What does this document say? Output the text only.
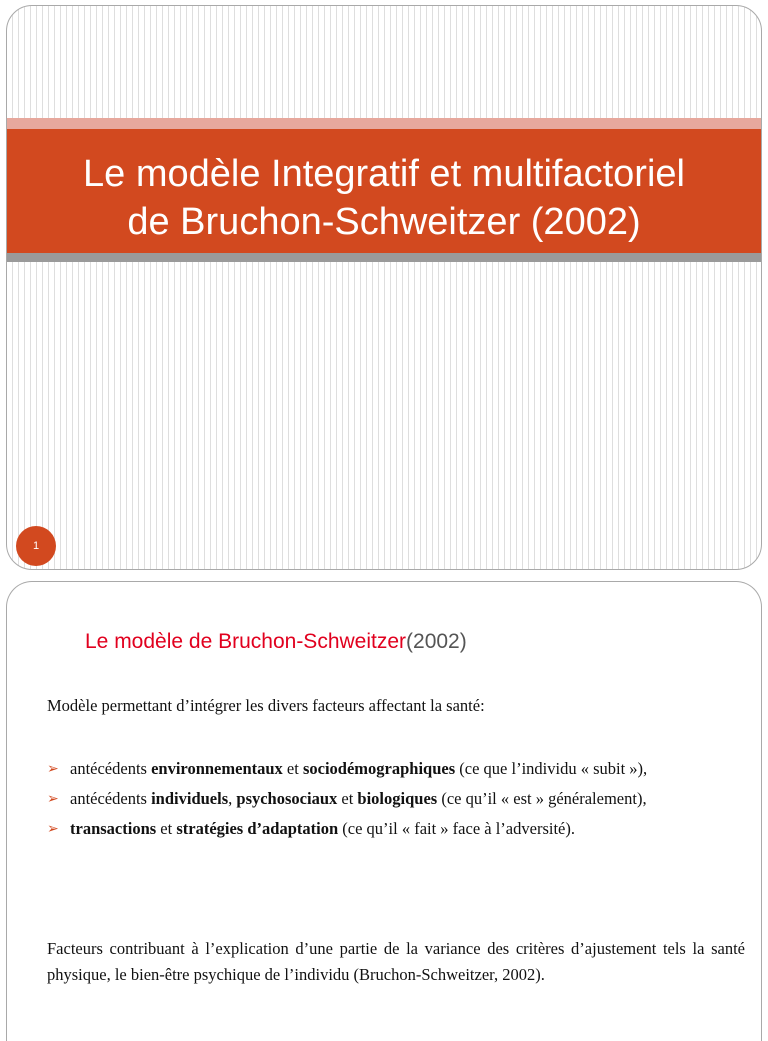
Le modèle Integratif et multifactoriel
de Bruchon-Schweitzer (2002)
1
Le modèle de Bruchon-Schweitzer(2002)
Modèle permettant d’intégrer les divers facteurs affectant la santé:
➢ antécédents environnementaux et sociodémographiques (ce que l’individu « subit »),
➢ antécédents individuels, psychosociaux et biologiques (ce qu’il « est » généralement),
➢ transactions et stratégies d’adaptation (ce qu’il « fait » face à l’adversité).
Facteurs contribuant à l’explication d’une partie de la variance des critères d’ajustement tels la santé physique, le bien-être psychique de l’individu (Bruchon-Schweitzer, 2002).
